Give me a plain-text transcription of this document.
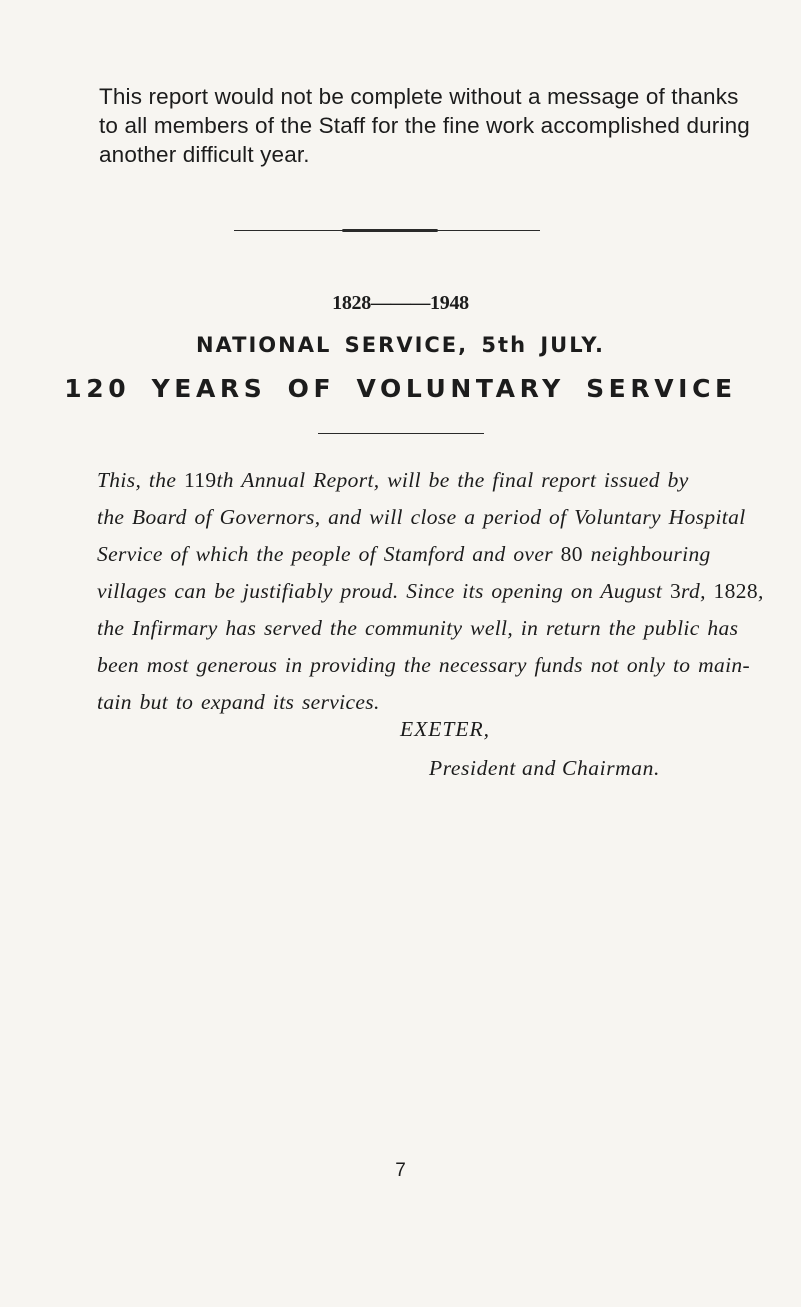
This report would not be complete without a message of thanks
to all members of the Staff for the fine work accomplished during
another difficult year.
1828———1948
NATIONAL SERVICE, 5th JULY.
120 YEARS OF VOLUNTARY SERVICE
This, the 119th Annual Report, will be the final report issued by
the Board of Governors, and will close a period of Voluntary Hospital
Service of which the people of Stamford and over 80 neighbouring
villages can be justifiably proud. Since its opening on August 3rd, 1828,
the Infirmary has served the community well, in return the public has
been most generous in providing the necessary funds not only to main-
tain but to expand its services.
EXETER,
President and Chairman.
7
